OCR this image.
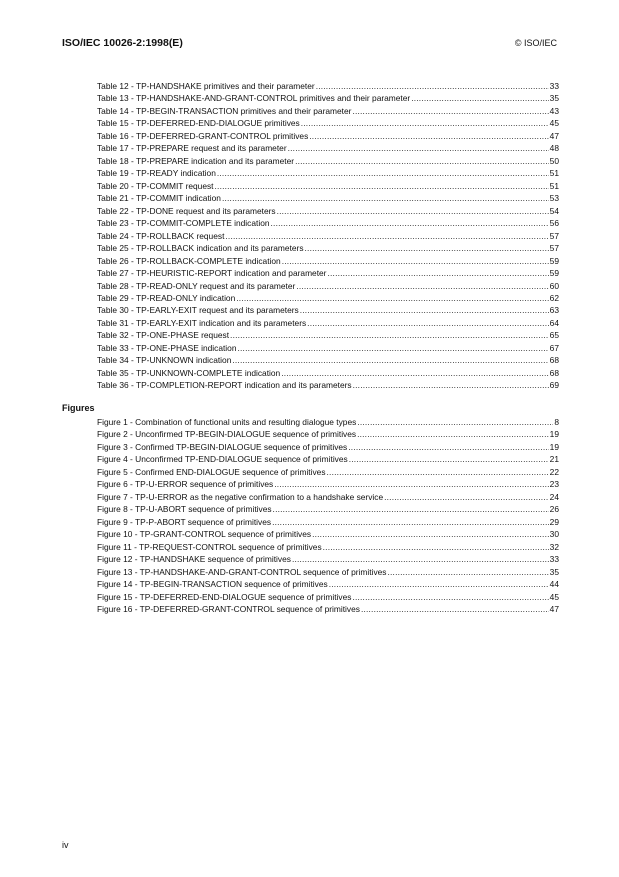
ISO/IEC 10026-2:1998(E)	© ISO/IEC
Table 12 - TP-HANDSHAKE primitives and their parameter .....	33
Table 13 - TP-HANDSHAKE-AND-GRANT-CONTROL primitives and their parameter .....	35
Table 14 - TP-BEGIN-TRANSACTION primitives and their parameter .....	43
Table 15 - TP-DEFERRED-END-DIALOGUE primitives .....	45
Table 16 - TP-DEFERRED-GRANT-CONTROL primitives .....	47
Table 17 - TP-PREPARE request and its parameter .....	48
Table 18 - TP-PREPARE indication and its parameter .....	50
Table 19 - TP-READY indication .....	51
Table 20 - TP-COMMIT request .....	51
Table 21 - TP-COMMIT indication .....	53
Table 22 - TP-DONE request and its parameters .....	54
Table 23 - TP-COMMIT-COMPLETE indication .....	56
Table 24 - TP-ROLLBACK request .....	57
Table 25 - TP-ROLLBACK indication and its parameters .....	57
Table 26 - TP-ROLLBACK-COMPLETE indication .....	59
Table 27 - TP-HEURISTIC-REPORT indication and parameter .....	59
Table 28 - TP-READ-ONLY request and its parameter .....	60
Table 29 - TP-READ-ONLY indication .....	62
Table 30 - TP-EARLY-EXIT request and its parameters .....	63
Table 31 - TP-EARLY-EXIT indication and its parameters .....	64
Table 32 - TP-ONE-PHASE request .....	65
Table 33 - TP-ONE-PHASE indication .....	67
Table 34 - TP-UNKNOWN indication .....	68
Table 35 - TP-UNKNOWN-COMPLETE indication .....	68
Table 36 - TP-COMPLETION-REPORT indication and its parameters .....	69
Figures
Figure 1 - Combination of functional units and resulting dialogue types .....	8
Figure 2 - Unconfirmed TP-BEGIN-DIALOGUE sequence of primitives .....	19
Figure 3 - Confirmed TP-BEGIN-DIALOGUE sequence of primitives .....	19
Figure 4 - Unconfirmed TP-END-DIALOGUE sequence of primitives .....	21
Figure 5 - Confirmed END-DIALOGUE sequence of primitives .....	22
Figure 6 - TP-U-ERROR sequence of primitives .....	23
Figure 7 - TP-U-ERROR as the negative confirmation to a handshake service .....	24
Figure 8 - TP-U-ABORT sequence of primitives .....	26
Figure 9 - TP-P-ABORT sequence of primitives .....	29
Figure 10 - TP-GRANT-CONTROL sequence of primitives .....	30
Figure 11 - TP-REQUEST-CONTROL sequence of primitives .....	32
Figure 12 - TP-HANDSHAKE sequence of primitives .....	33
Figure 13 - TP-HANDSHAKE-AND-GRANT-CONTROL sequence of primitives .....	35
Figure 14 - TP-BEGIN-TRANSACTION sequence of primitives .....	44
Figure 15 - TP-DEFERRED-END-DIALOGUE sequence of primitives .....	45
Figure 16 - TP-DEFERRED-GRANT-CONTROL sequence of primitives .....	47
iv
